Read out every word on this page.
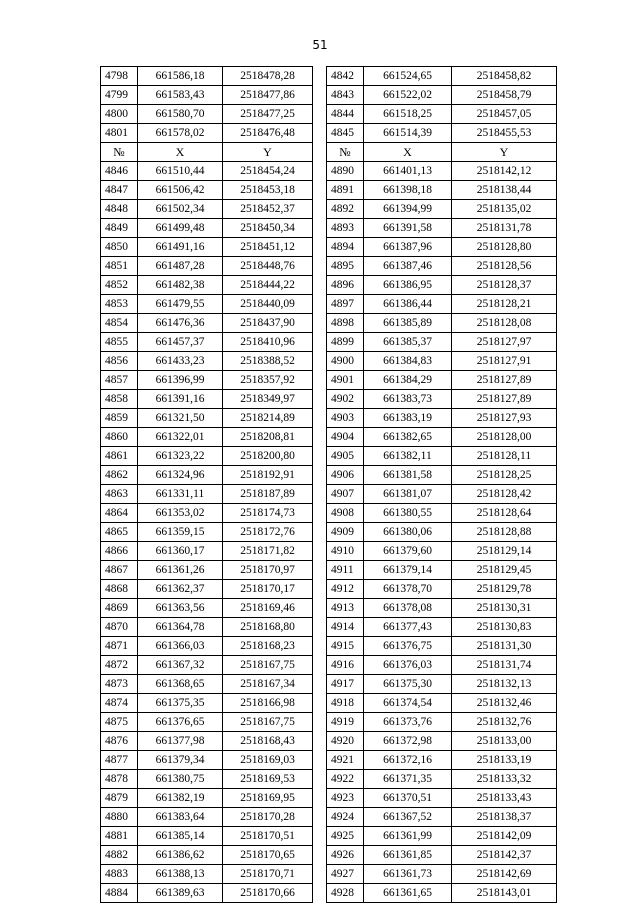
51
4798	661586,18	2518478,28		4842	661524,65	2518458,82
4799	661583,43	2518477,86		4843	661522,02	2518458,79
4800	661580,70	2518477,25		4844	661518,25	2518457,05
4801	661578,02	2518476,48		4845	661514,39	2518455,53
№	X	Y		№	X	Y
4846	661510,44	2518454,24		4890	661401,13	2518142,12
4847	661506,42	2518453,18		4891	661398,18	2518138,44
4848	661502,34	2518452,37		4892	661394,99	2518135,02
4849	661499,48	2518450,34		4893	661391,58	2518131,78
4850	661491,16	2518451,12		4894	661387,96	2518128,80
4851	661487,28	2518448,76		4895	661387,46	2518128,56
4852	661482,38	2518444,22		4896	661386,95	2518128,37
4853	661479,55	2518440,09		4897	661386,44	2518128,21
4854	661476,36	2518437,90		4898	661385,89	2518128,08
4855	661457,37	2518410,96		4899	661385,37	2518127,97
4856	661433,23	2518388,52		4900	661384,83	2518127,91
4857	661396,99	2518357,92		4901	661384,29	2518127,89
4858	661391,16	2518349,97		4902	661383,73	2518127,89
4859	661321,50	2518214,89		4903	661383,19	2518127,93
4860	661322,01	2518208,81		4904	661382,65	2518128,00
4861	661323,22	2518200,80		4905	661382,11	2518128,11
4862	661324,96	2518192,91		4906	661381,58	2518128,25
4863	661331,11	2518187,89		4907	661381,07	2518128,42
4864	661353,02	2518174,73		4908	661380,55	2518128,64
4865	661359,15	2518172,76		4909	661380,06	2518128,88
4866	661360,17	2518171,82		4910	661379,60	2518129,14
4867	661361,26	2518170,97		4911	661379,14	2518129,45
4868	661362,37	2518170,17		4912	661378,70	2518129,78
4869	661363,56	2518169,46		4913	661378,08	2518130,31
4870	661364,78	2518168,80		4914	661377,43	2518130,83
4871	661366,03	2518168,23		4915	661376,75	2518131,30
4872	661367,32	2518167,75		4916	661376,03	2518131,74
4873	661368,65	2518167,34		4917	661375,30	2518132,13
4874	661375,35	2518166,98		4918	661374,54	2518132,46
4875	661376,65	2518167,75		4919	661373,76	2518132,76
4876	661377,98	2518168,43		4920	661372,98	2518133,00
4877	661379,34	2518169,03		4921	661372,16	2518133,19
4878	661380,75	2518169,53		4922	661371,35	2518133,32
4879	661382,19	2518169,95		4923	661370,51	2518133,43
4880	661383,64	2518170,28		4924	661367,52	2518138,37
4881	661385,14	2518170,51		4925	661361,99	2518142,09
4882	661386,62	2518170,65		4926	661361,85	2518142,37
4883	661388,13	2518170,71		4927	661361,73	2518142,69
4884	661389,63	2518170,66		4928	661361,65	2518143,01
